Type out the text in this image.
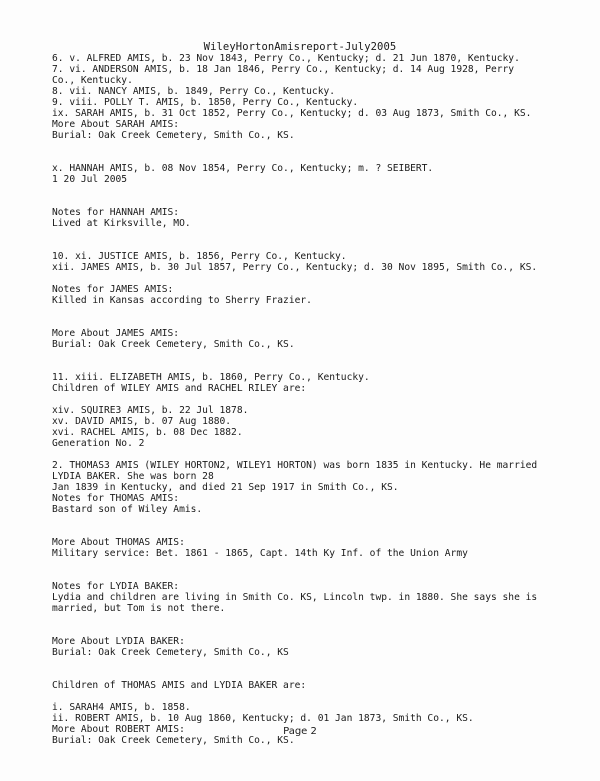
WileyHortonAmisreport-July2005
6. v. ALFRED AMIS, b. 23 Nov 1843, Perry Co., Kentucky; d. 21 Jun 1870, Kentucky.
7. vi. ANDERSON AMIS, b. 18 Jan 1846, Perry Co., Kentucky; d. 14 Aug 1928, Perry
Co., Kentucky.
8. vii. NANCY AMIS, b. 1849, Perry Co., Kentucky.
9. viii. POLLY T. AMIS, b. 1850, Perry Co., Kentucky.
ix. SARAH AMIS, b. 31 Oct 1852, Perry Co., Kentucky; d. 03 Aug 1873, Smith Co., KS.
More About SARAH AMIS:
Burial: Oak Creek Cemetery, Smith Co., KS.
x. HANNAH AMIS, b. 08 Nov 1854, Perry Co., Kentucky; m. ? SEIBERT.
1 20 Jul 2005
Notes for HANNAH AMIS:
Lived at Kirksville, MO.
10. xi. JUSTICE AMIS, b. 1856, Perry Co., Kentucky.
xii. JAMES AMIS, b. 30 Jul 1857, Perry Co., Kentucky; d. 30 Nov 1895, Smith Co., KS.
Notes for JAMES AMIS:
Killed in Kansas according to Sherry Frazier.
More About JAMES AMIS:
Burial: Oak Creek Cemetery, Smith Co., KS.
11. xiii. ELIZABETH AMIS, b. 1860, Perry Co., Kentucky.
Children of WILEY AMIS and RACHEL RILEY are:
xiv. SQUIRE3 AMIS, b. 22 Jul 1878.
xv. DAVID AMIS, b. 07 Aug 1880.
xvi. RACHEL AMIS, b. 08 Dec 1882.
Generation No. 2
2. THOMAS3 AMIS (WILEY HORTON2, WILEY1 HORTON) was born 1835 in Kentucky. He married
LYDIA BAKER. She was born 28
Jan 1839 in Kentucky, and died 21 Sep 1917 in Smith Co., KS.
Notes for THOMAS AMIS:
Bastard son of Wiley Amis.
More About THOMAS AMIS:
Military service: Bet. 1861 - 1865, Capt. 14th Ky Inf. of the Union Army
Notes for LYDIA BAKER:
Lydia and children are living in Smith Co. KS, Lincoln twp. in 1880. She says she is
married, but Tom is not there.
More About LYDIA BAKER:
Burial: Oak Creek Cemetery, Smith Co., KS
Children of THOMAS AMIS and LYDIA BAKER are:
i. SARAH4 AMIS, b. 1858.
ii. ROBERT AMIS, b. 10 Aug 1860, Kentucky; d. 01 Jan 1873, Smith Co., KS.
More About ROBERT AMIS:
Burial: Oak Creek Cemetery, Smith Co., KS.
Page 2
